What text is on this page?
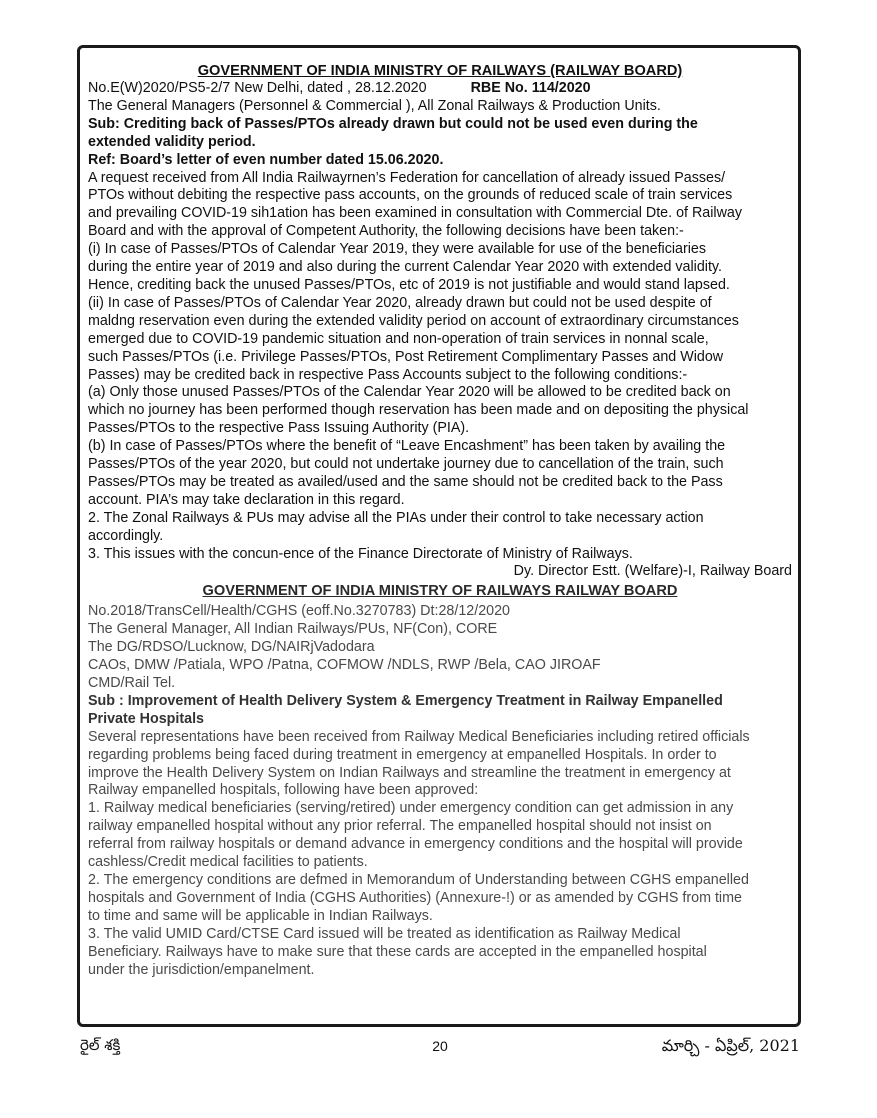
GOVERNMENT OF INDIA MINISTRY OF RAILWAYS (RAILWAY BOARD)

No.E(W)2020/PS5-2/7 New Delhi, dated , 28.12.2020	RBE No. 114/2020

The General Managers (Personnel & Commercial ), All Zonal Railways & Production Units.

Sub: Crediting back of Passes/PTOs already drawn but could not be used even during the

extended validity period.

Ref: Board’s letter of even number dated 15.06.2020.

A request received from All India Railwayrnen’s Federation for cancellation of already issued Passes/

PTOs without debiting the respective pass accounts, on the grounds of reduced scale of train services

and prevailing COVID-19 sih1ation has been examined in consultation with Commercial Dte. of Railway

Board and with the approval of Competent Authority, the following decisions have been taken:-

(i) In case of Passes/PTOs of Calendar Year 2019, they were available for use of the beneficiaries

during the entire year of 2019 and also during the current Calendar Year 2020 with extended validity.

Hence, crediting back the unused Passes/PTOs, etc of 2019 is not justifiable and would stand lapsed.

(ii) In case of Passes/PTOs of Calendar Year 2020, already drawn but could not be used despite of

maldng reservation even during the extended validity period on account of extraordinary circumstances

emerged due to COVID-19 pandemic situation and non-operation of train services in nonnal scale,

such Passes/PTOs (i.e. Privilege Passes/PTOs, Post Retirement Complimentary Passes and Widow

Passes) may be credited back in respective Pass Accounts subject to the following conditions:-

(a) Only those unused Passes/PTOs of the Calendar Year 2020 will be allowed to be credited back on

which no journey has been performed though reservation has been made and on depositing the physical

Passes/PTOs to the respective Pass Issuing Authority (PIA).

(b) In case of Passes/PTOs where the benefit of “Leave Encashment” has been taken by availing the

Passes/PTOs of the year 2020, but could not undertake journey due to cancellation of the train, such

Passes/PTOs may be treated as availed/used and the same should not be credited back to the Pass

account. PIA’s may take declaration in this regard.

2. The Zonal Railways & PUs may advise all the PIAs under their control to take necessary action

accordingly.

3. This issues with the concun-ence of the Finance Directorate of Ministry of Railways.

Dy. Director Estt. (Welfare)-I, Railway Board

GOVERNMENT OF INDIA MINISTRY OF RAILWAYS RAILWAY BOARD

No.2018/TransCell/Health/CGHS (eoff.No.3270783) Dt:28/12/2020

The General Manager, All Indian Railways/PUs, NF(Con), CORE

The DG/RDSO/Lucknow, DG/NAIRjVadodara

CAOs, DMW /Patiala, WPO /Patna, COFMOW /NDLS, RWP /Bela, CAO JIROAF

CMD/Rail Tel.

Sub : Improvement of Health Delivery System & Emergency Treatment in Railway Empanelled

Private Hospitals

Several representations have been received from Railway Medical Beneficiaries including retired officials

regarding problems being faced during treatment in emergency at empanelled Hospitals. In order to

improve the Health Delivery System on Indian Railways and streamline the treatment in emergency at

Railway empanelled hospitals, following have been approved:

1. Railway medical beneficiaries (serving/retired) under emergency condition can get admission in any

railway empanelled hospital without any prior referral. The empanelled hospital should not insist on

referral from railway hospitals or demand advance in emergency conditions and the hospital will provide

cashless/Credit medical facilities to patients.

2. The emergency conditions are defmed in Memorandum of Understanding between CGHS empanelled

hospitals and Government of India (CGHS Authorities) (Annexure-!) or as amended by CGHS from time

to time and same will be applicable in Indian Railways.

3. The valid UMID Card/CTSE Card issued will be treated as identification as Railway Medical

Beneficiary. Railways have to make sure that these cards are accepted in the empanelled hospital

under the jurisdiction/empanelment.

రైల్ శక్తి	20	మార్చి - ఏప్రిల్, 2021
